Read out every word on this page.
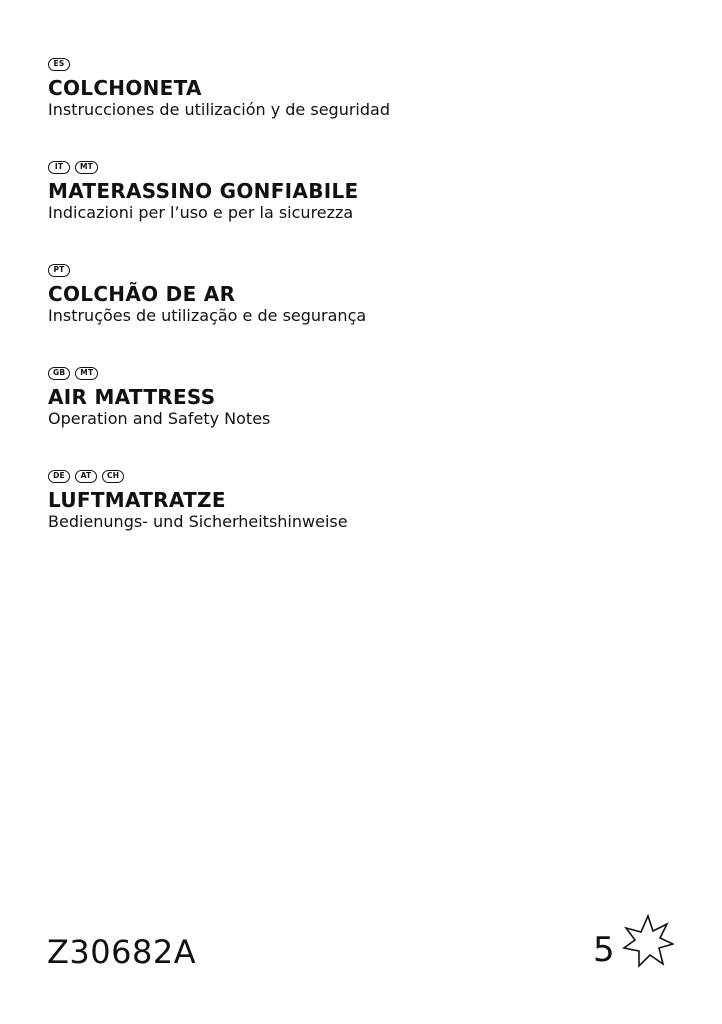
ES
COLCHONETA
Instrucciones de utilización y de seguridad
IT	MT
MATERASSINO GONFIABILE
Indicazioni per l’uso e per la sicurezza
PT
COLCHÃO DE AR
Instruções de utilização e de segurança
GB	MT
AIR MATTRESS
Operation and Safety Notes
DE	AT	CH
LUFTMATRATZE
Bedienungs- und Sicherheitshinweise
Z30682A	5
